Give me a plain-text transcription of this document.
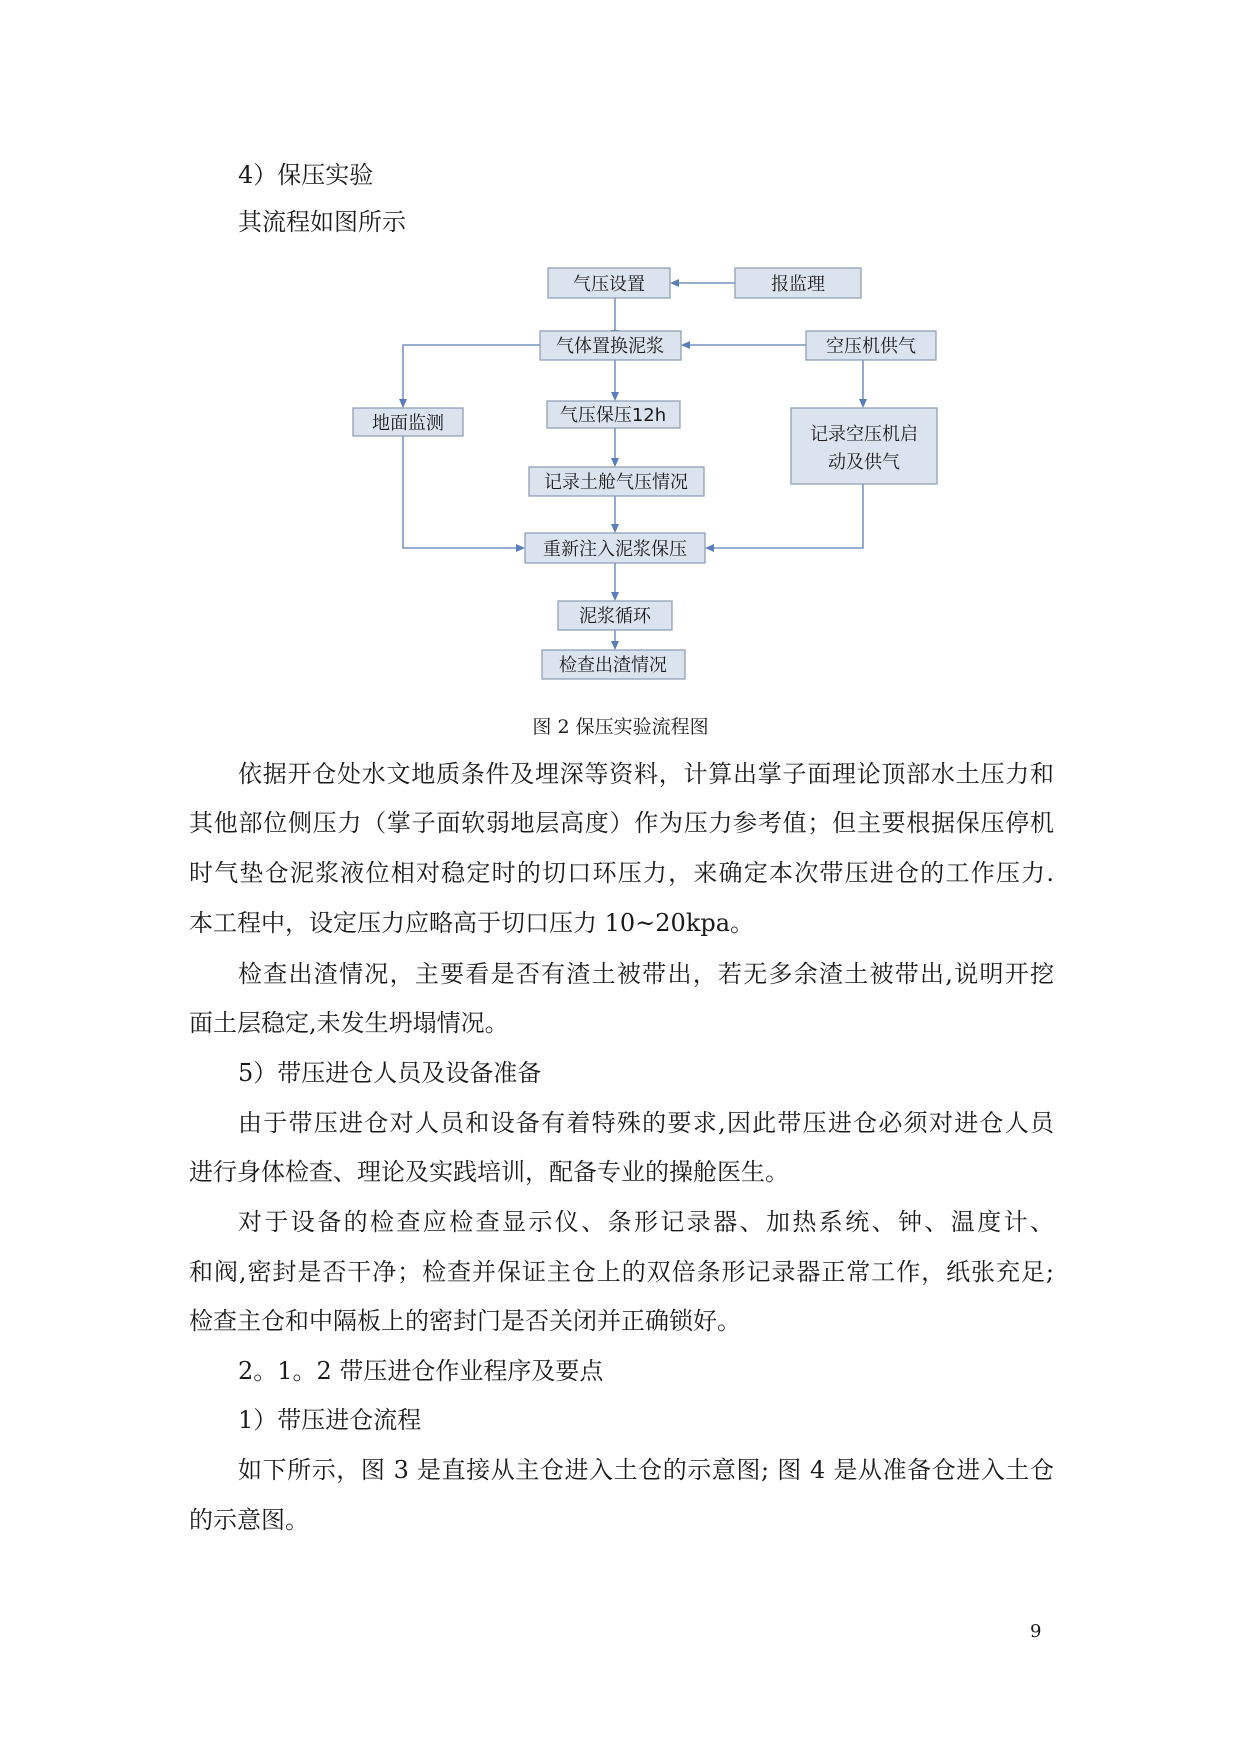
4）保压实验

其流程如图所示

气压设置	报监理
气体置换泥浆	空压机供气
地面监测	气压保压12h
记录空压机启
动及供气
记录土舱气压情况
重新注入泥浆保压
泥浆循环
检查出渣情况

图 2 保压实验流程图

依据开仓处水文地质条件及埋深等资料，计算出掌子面理论顶部水土压力和

其他部位侧压力（掌子面软弱地层高度）作为压力参考值；但主要根据保压停机

时气垫仓泥浆液位相对稳定时的切口环压力，来确定本次带压进仓的工作压力.

本工程中，设定压力应略高于切口压力 10~20kpa。

检查出渣情况，主要看是否有渣土被带出，若无多余渣土被带出,说明开挖

面土层稳定,未发生坍塌情况。

5）带压进仓人员及设备准备

由于带压进仓对人员和设备有着特殊的要求,因此带压进仓必须对进仓人员

进行身体检查、理论及实践培训，配备专业的操舱医生。

对于设备的检查应检查显示仪、条形记录器、加热系统、钟、温度计、

和阀,密封是否干净；检查并保证主仓上的双倍条形记录器正常工作，纸张充足;

检查主仓和中隔板上的密封门是否关闭并正确锁好。

2。1。2 带压进仓作业程序及要点

1）带压进仓流程

如下所示，图 3 是直接从主仓进入土仓的示意图; 图 4 是从准备仓进入土仓

的示意图。

9
